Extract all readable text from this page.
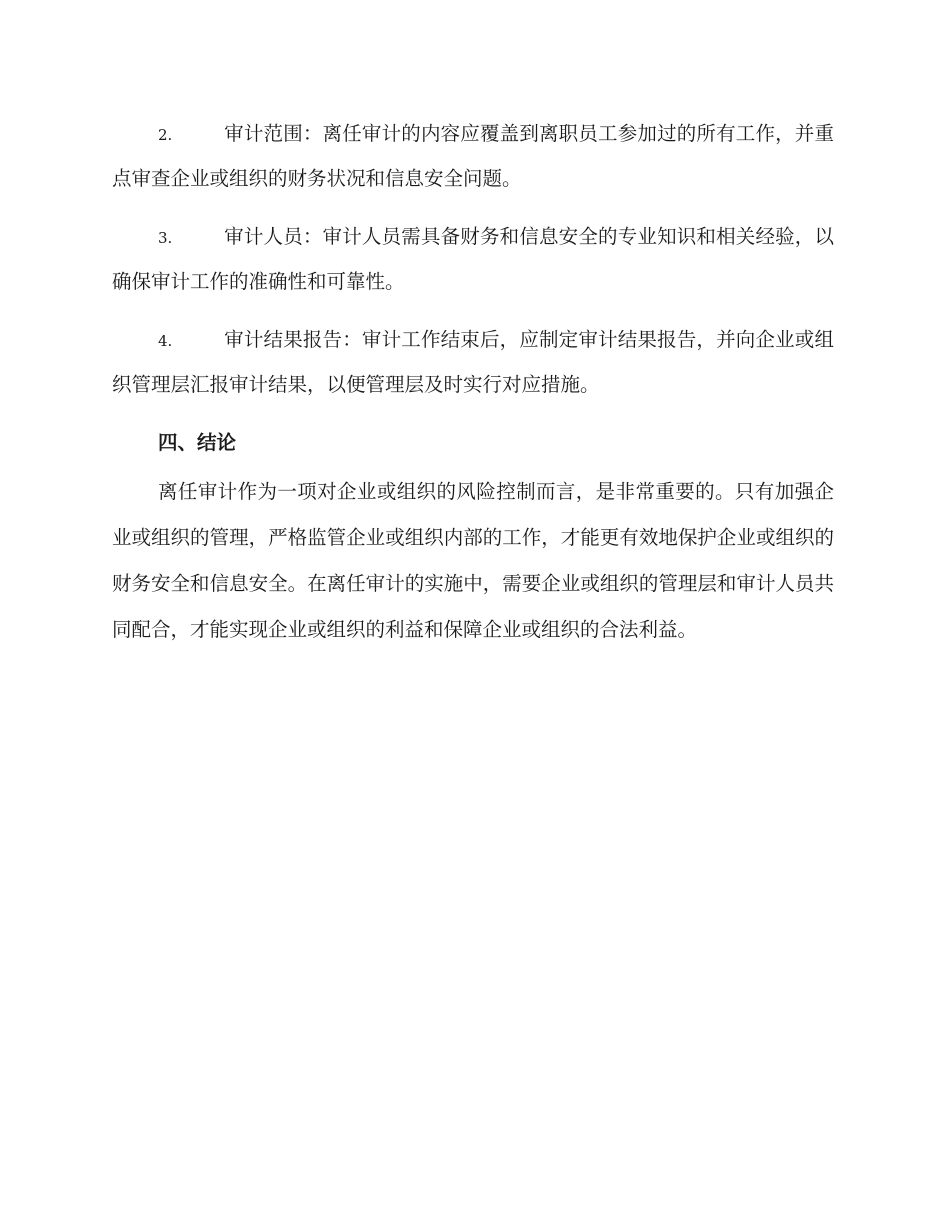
2.	审计范围：离任审计的内容应覆盖到离职员工参加过的所有工作，并重点审查企业或组织的财务状况和信息安全问题。

3.	审计人员：审计人员需具备财务和信息安全的专业知识和相关经验，以确保审计工作的准确性和可靠性。

4.	审计结果报告：审计工作结束后，应制定审计结果报告，并向企业或组织管理层汇报审计结果，以便管理层及时实行对应措施。

四、结论

离任审计作为一项对企业或组织的风险控制而言，是非常重要的。只有加强企业或组织的管理，严格监管企业或组织内部的工作，才能更有效地保护企业或组织的财务安全和信息安全。在离任审计的实施中，需要企业或组织的管理层和审计人员共同配合，才能实现企业或组织的利益和保障企业或组织的合法利益。
